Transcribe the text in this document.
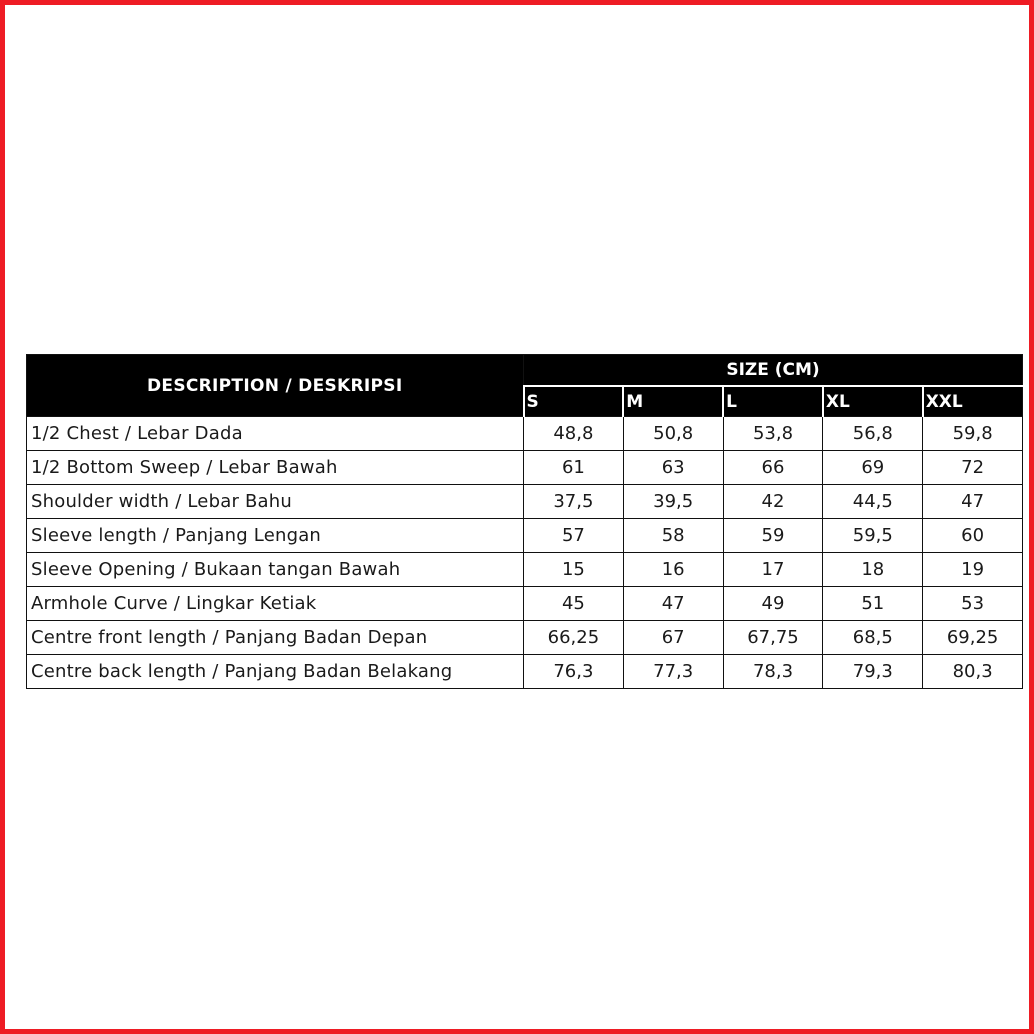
DESCRIPTION / DESKRIPSI	SIZE (CM)				
	S	M	L	XL	XXL
1/2 Chest / Lebar Dada	48,8	50,8	53,8	56,8	59,8
1/2 Bottom Sweep / Lebar Bawah	61	63	66	69	72
Shoulder width / Lebar Bahu	37,5	39,5	42	44,5	47
Sleeve length / Panjang Lengan	57	58	59	59,5	60
Sleeve Opening / Bukaan tangan Bawah	15	16	17	18	19
Armhole Curve / Lingkar Ketiak	45	47	49	51	53
Centre front length / Panjang Badan Depan	66,25	67	67,75	68,5	69,25
Centre back length / Panjang Badan Belakang	76,3	77,3	78,3	79,3	80,3
